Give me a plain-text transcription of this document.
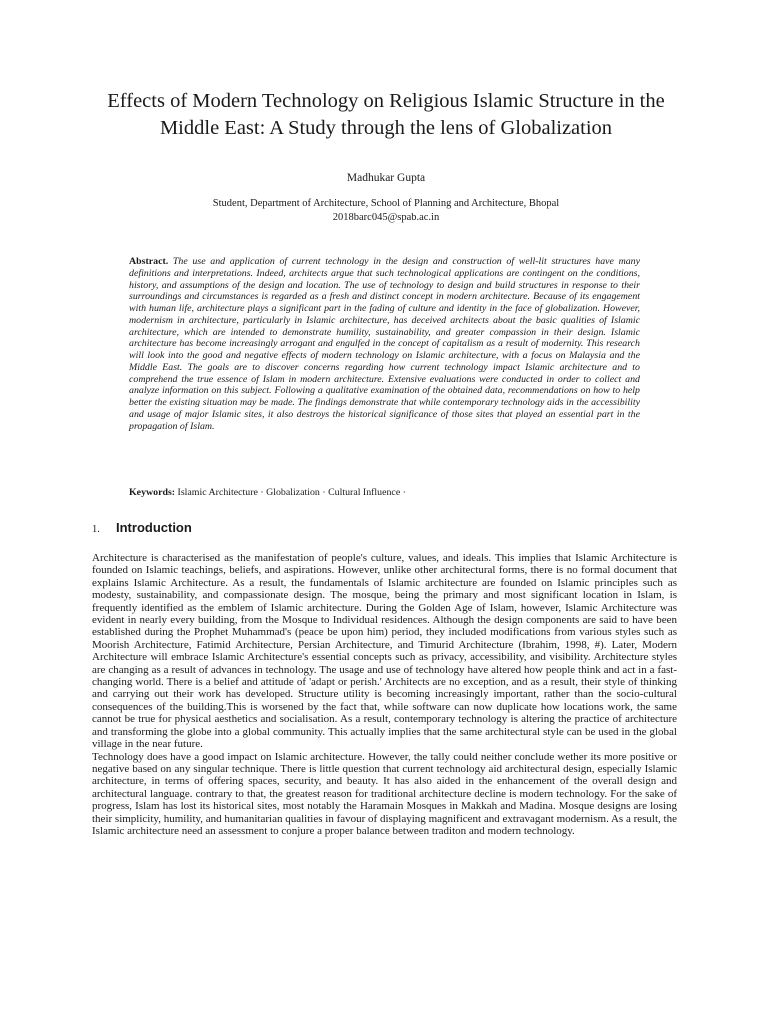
Effects of Modern Technology on Religious Islamic Structure in the Middle East: A Study through the lens of Globalization
Madhukar Gupta
Student, Department of Architecture, School of Planning and Architecture, Bhopal
2018barc045@spab.ac.in
Abstract. The use and application of current technology in the design and construction of well-lit structures have many definitions and interpretations. Indeed, architects argue that such technological applications are contingent on the conditions, history, and assumptions of the design and location. The use of technology to design and build structures in response to their surroundings and circumstances is regarded as a fresh and distinct concept in modern architecture. Because of its engagement with human life, architecture plays a significant part in the fading of culture and identity in the face of globalization. However, modernism in architecture, particularly in Islamic architecture, has deceived architects about the basic qualities of Islamic architecture, which are intended to demonstrate humility, sustainability, and greater compassion in their design. Islamic architecture has become increasingly arrogant and engulfed in the concept of capitalism as a result of modernity. This research will look into the good and negative effects of modern technology on Islamic architecture, with a focus on Malaysia and the Middle East. The goals are to discover concerns regarding how current technology impact Islamic architecture and to comprehend the true essence of Islam in modern architecture. Extensive evaluations were conducted in order to collect and analyze information on this subject. Following a qualitative examination of the obtained data, recommendations on how to help better the existing situation may be made. The findings demonstrate that while contemporary technology aids in the accessibility and usage of major Islamic sites, it also destroys the historical significance of those sites that played an essential part in the propagation of Islam.
Keywords: Islamic Architecture · Globalization · Cultural Influence ·
1. Introduction

Architecture is characterised as the manifestation of people's culture, values, and ideals. This implies that Islamic Architecture is founded on Islamic teachings, beliefs, and aspirations. However, unlike other architectural forms, there is no formal document that explains Islamic Architecture. As a result, the fundamentals of Islamic architecture are founded on Islamic principles such as modesty, sustainability, and compassionate design. The mosque, being the primary and most significant location in Islam, is frequently identified as the emblem of Islamic architecture. During the Golden Age of Islam, however, Islamic Architecture was evident in nearly every building, from the Mosque to Individual residences. Although the design components are said to have been established during the Prophet Muhammad's (peace be upon him) period, they included modifications from various styles such as Moorish Architecture, Fatimid Architecture, Persian Architecture, and Timurid Architecture (Ibrahim, 1998, #). Later, Modern Architecture will embrace Islamic Architecture's essential concepts such as privacy, accessibility, and visibility. Architecture styles are changing as a result of advances in technology. The usage and use of technology have altered how people think and act in a fast-changing world. There is a belief and attitude of 'adapt or perish.' Architects are no exception, and as a result, their style of thinking and carrying out their work has developed. Structure utility is becoming increasingly important, rather than the socio-cultural consequences of the building.This is worsened by the fact that, while software can now duplicate how locations work, the same cannot be true for physical aesthetics and socialisation. As a result, contemporary technology is altering the practice of architecture and transforming the globe into a global community. This actually implies that the same architectural style can be used in the global village in the near future.

Technology does have a good impact on Islamic architecture. However, the tally could neither conclude wether its more positive or negative based on any singular technique. There is little question that current technology aid architectural design, especially Islamic architecture, in terms of offering spaces, security, and beauty. It has also aided in the enhancement of the overall design and architectural language. contrary to that, the greatest reason for traditional architecture decline is modern technology. For the sake of progress, Islam has lost its historical sites, most notably the Haramain Mosques in Makkah and Madina. Mosque designs are losing their simplicity, humility, and humanitarian qualities in favour of displaying magnificent and extravagant modernism. As a result, the Islamic architecture need an assessment to conjure a proper balance between traditon and modern technology.
